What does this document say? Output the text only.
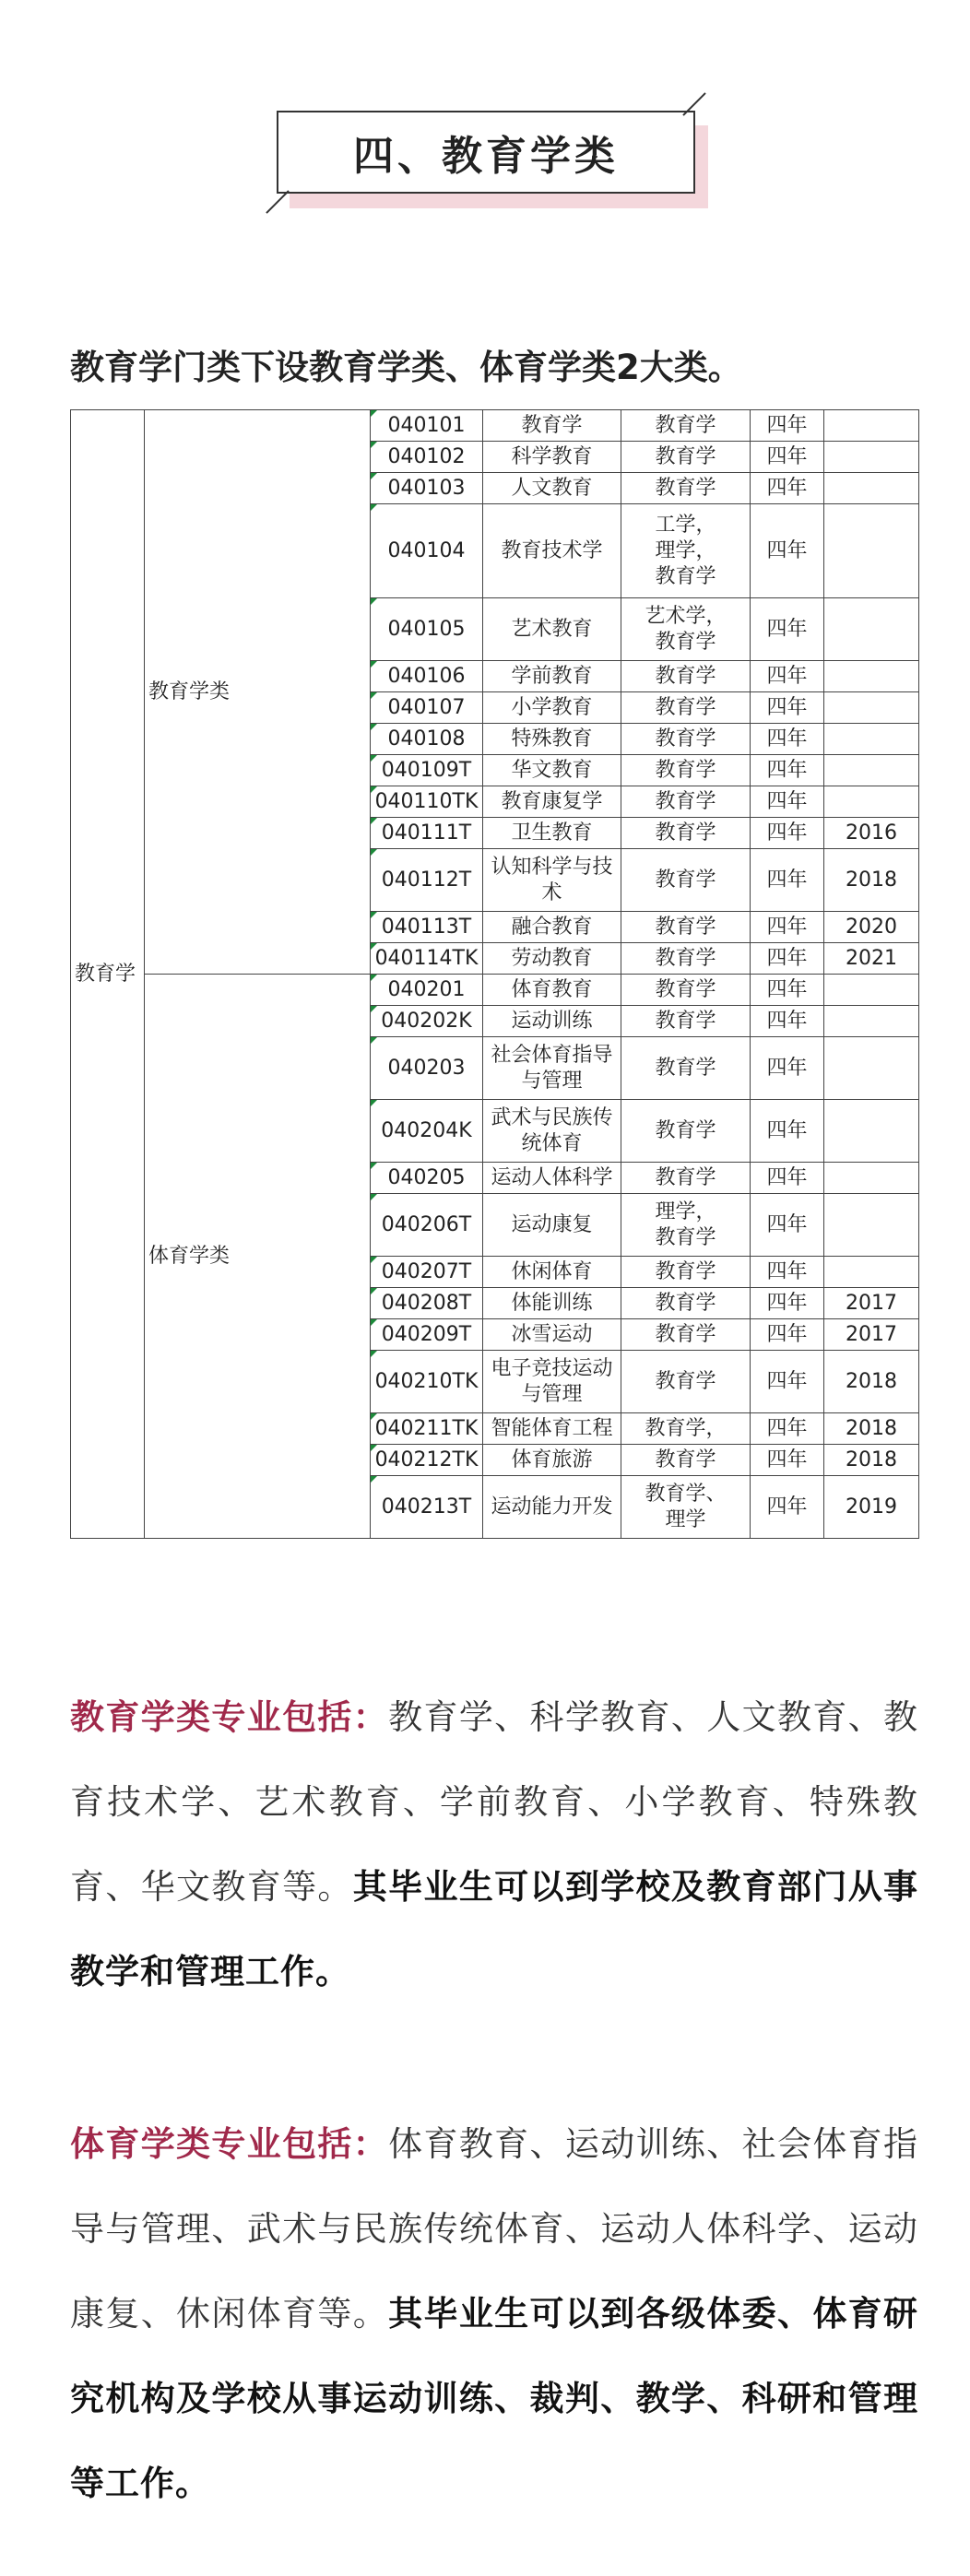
四、教育学类
教育学门类下设教育学类、体育学类2大类。
教育学	教育学类	040101	教育学	教育学	四年	
		040102	科学教育	教育学	四年	
		040103	人文教育	教育学	四年	
		040104	教育技术学	工学，
理学，
教育学	四年	
		040105	艺术教育	艺术学，
教育学	四年	
		040106	学前教育	教育学	四年	
		040107	小学教育	教育学	四年	
		040108	特殊教育	教育学	四年	
		040109T	华文教育	教育学	四年	
		040110TK	教育康复学	教育学	四年	
		040111T	卫生教育	教育学	四年	2016
		040112T	认知科学与技术	教育学	四年	2018
		040113T	融合教育	教育学	四年	2020
		040114TK	劳动教育	教育学	四年	2021
	体育学类	040201	体育教育	教育学	四年	
		040202K	运动训练	教育学	四年	
		040203	社会体育指导与管理	教育学	四年	
		040204K	武术与民族传统体育	教育学	四年	
		040205	运动人体科学	教育学	四年	
		040206T	运动康复	理学，
教育学	四年	
		040207T	休闲体育	教育学	四年	
		040208T	体能训练	教育学	四年	2017
		040209T	冰雪运动	教育学	四年	2017
		040210TK	电子竞技运动与管理	教育学	四年	2018
		040211TK	智能体育工程	教育学，	四年	2018
		040212TK	体育旅游	教育学	四年	2018
		040213T	运动能力开发	教育学、
理学	四年	2019
教育学类专业包括：教育学、科学教育、人文教育、教育技术学、艺术教育、学前教育、小学教育、特殊教育、华文教育等。其毕业生可以到学校及教育部门从事教学和管理工作。
体育学类专业包括：体育教育、运动训练、社会体育指导与管理、武术与民族传统体育、运动人体科学、运动康复、休闲体育等。其毕业生可以到各级体委、体育研究机构及学校从事运动训练、裁判、教学、科研和管理等工作。
